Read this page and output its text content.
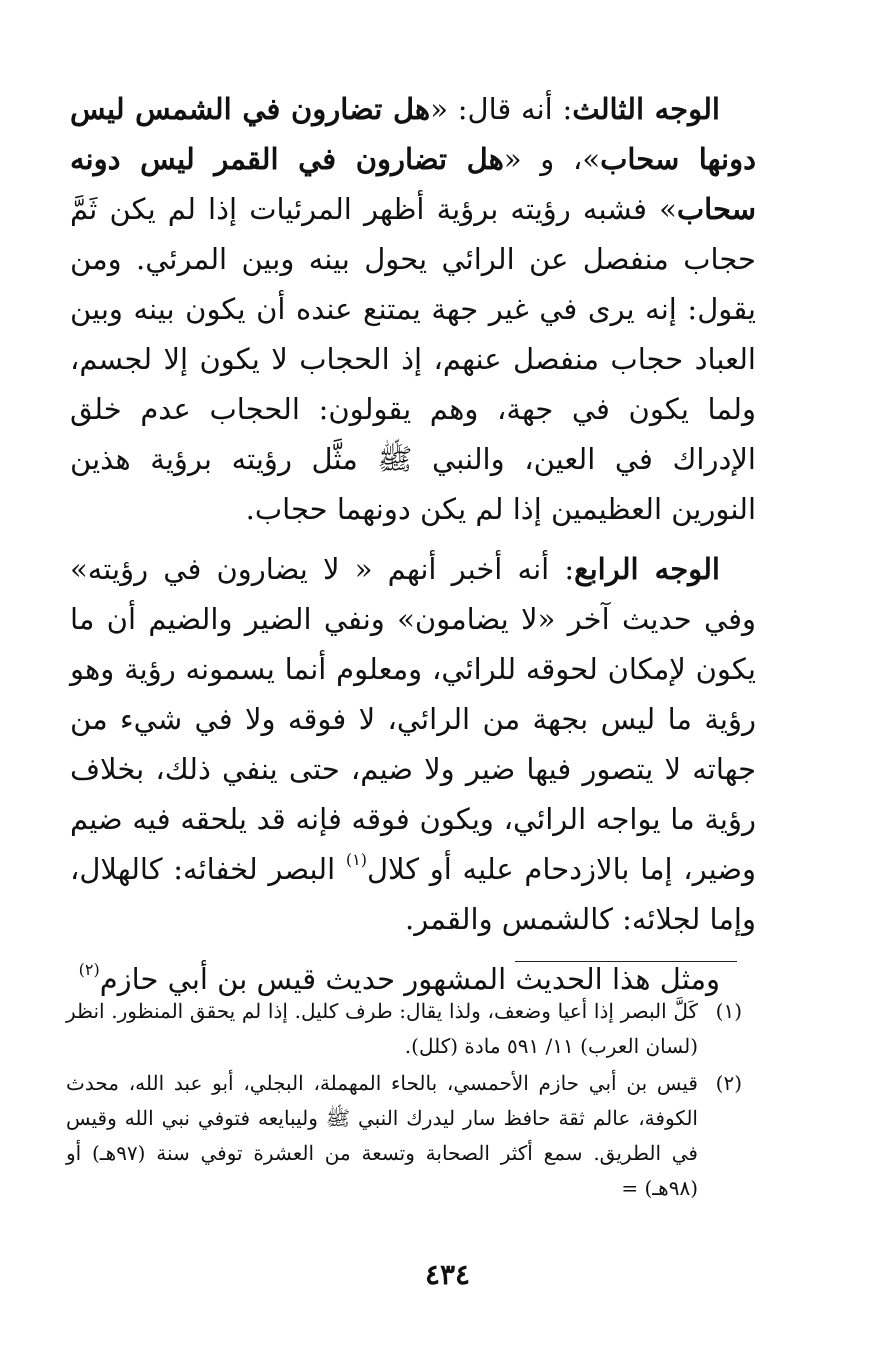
الوجه الثالث: أنه قال: «هل تضارون في الشمس ليس دونها سحاب»، و «هل تضارون في القمر ليس دونه سحاب» فشبه رؤيته برؤية أظهر المرئيات إذا لم يكن ثَمَّ حجاب منفصل عن الرائي يحول بينه وبين المرئي. ومن يقول: إنه يرى في غير جهة يمتنع عنده أن يكون بينه وبين العباد حجاب منفصل عنهم، إذ الحجاب لا يكون إلا لجسم، ولما يكون في جهة، وهم يقولون: الحجاب عدم خلق الإدراك في العين، والنبي ﷺ مثَّل رؤيته برؤية هذين النورين العظيمين إذا لم يكن دونهما حجاب.

الوجه الرابع: أنه أخبر أنهم « لا يضارون في رؤيته» وفي حديث آخر «لا يضامون» ونفي الضير والضيم أن ما يكون لإمكان لحوقه للرائي، ومعلوم أنما يسمونه رؤية وهو رؤية ما ليس بجهة من الرائي، لا فوقه ولا في شيء من جهاته لا يتصور فيها ضير ولا ضيم، حتى ينفي ذلك، بخلاف رؤية ما يواجه الرائي، ويكون فوقه فإنه قد يلحقه فيه ضيم وضير، إما بالازدحام عليه أو كلال$^{(١)}$ البصر لخفائه: كالهلال، وإما لجلائه: كالشمس والقمر.

ومثل هذا الحديث المشهور حديث قيس بن أبي حازم$^{(٢)}$

(١)
كَلَّ البصر إذا أعيا وضعف، ولذا يقال: طرف كليل. إذا لم يحقق المنظور. انظر (لسان العرب) ١١/ ٥٩١ مادة (كلل).
(٢)
قيس بن أبي حازم الأحمسي، بالحاء المهملة، البجلي، أبو عبد الله، محدث الكوفة، عالم ثقة حافظ سار ليدرك النبي ﷺ وليبايعه فتوفي نبي الله وقيس في الطريق. سمع أكثر الصحابة وتسعة من العشرة توفي سنة (٩٧هـ) أو (٩٨هـ) =
٤٣٤
